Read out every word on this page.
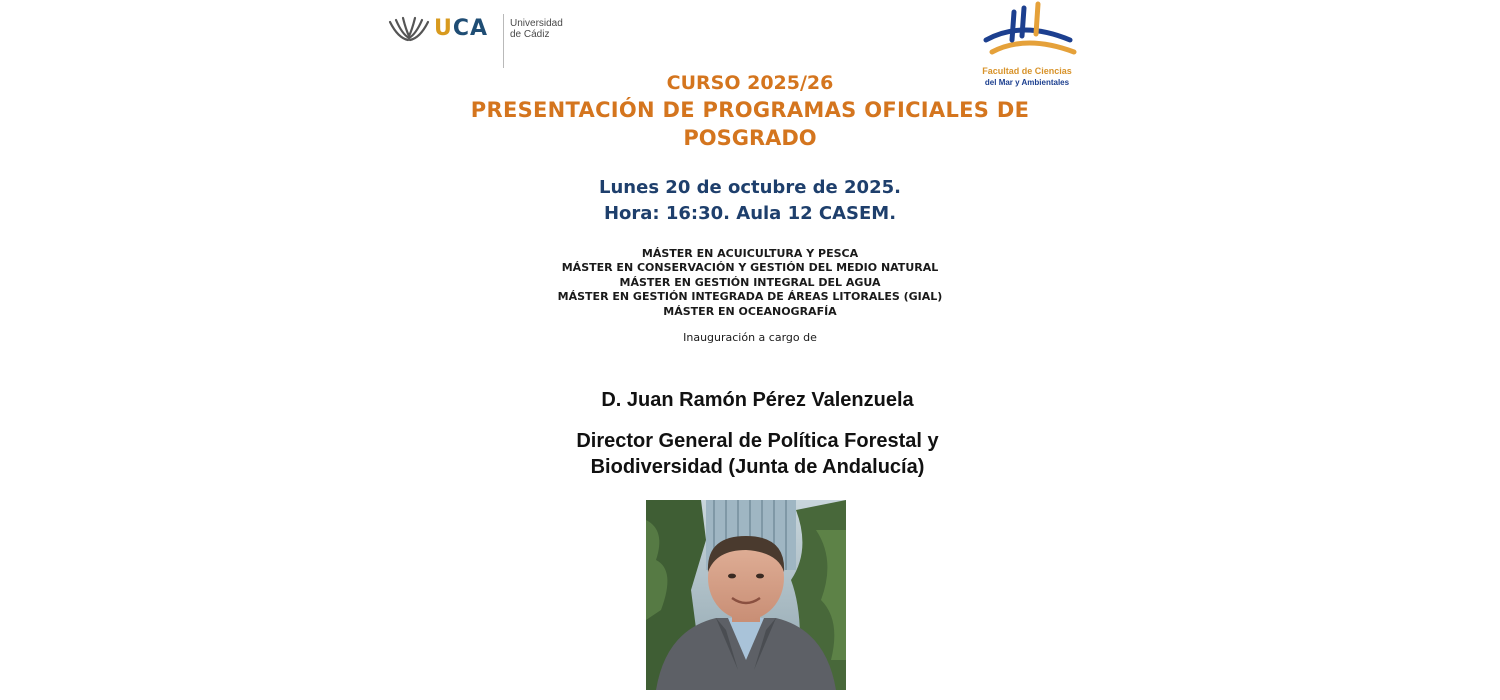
UCA Universidad
de Cádiz
Facultad de Ciencias
del Mar y Ambientales
CURSO 2025/26
PRESENTACIÓN DE PROGRAMAS OFICIALES DE
POSGRADO
Lunes 20 de octubre de 2025.
Hora: 16:30. Aula 12 CASEM.
MÁSTER EN ACUICULTURA Y PESCA
MÁSTER EN CONSERVACIÓN Y GESTIÓN DEL MEDIO NATURAL
MÁSTER EN GESTIÓN INTEGRAL DEL AGUA
MÁSTER EN GESTIÓN INTEGRADA DE ÁREAS LITORALES (GIAL)
MÁSTER EN OCEANOGRAFÍA
Inauguración a cargo de
D. Juan Ramón Pérez Valenzuela
Director General de Política Forestal y
Biodiversidad (Junta de Andalucía)
